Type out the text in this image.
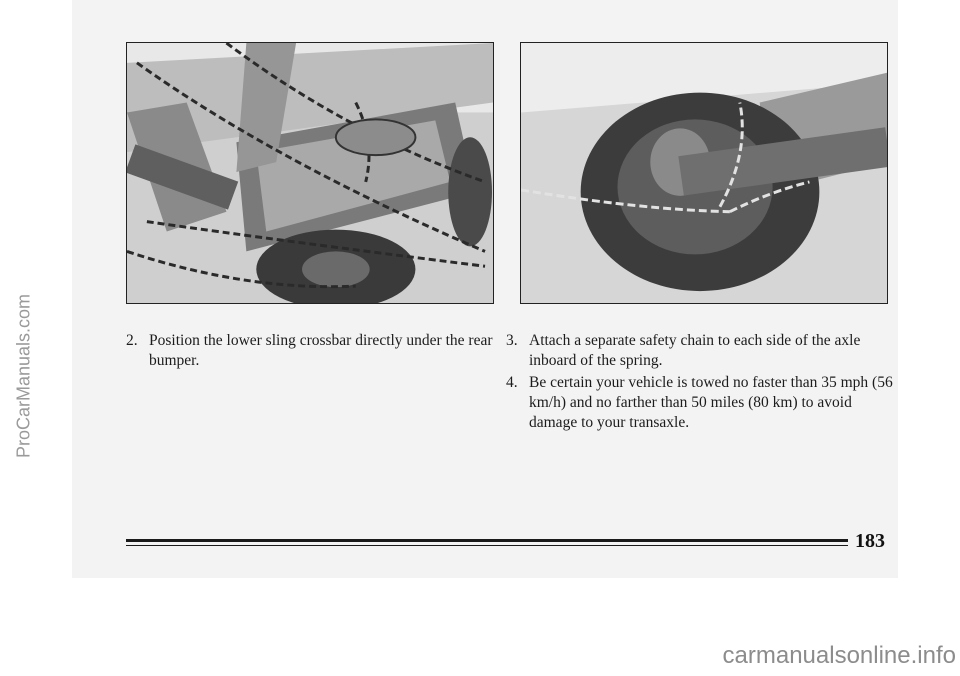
2. Position the lower sling crossbar directly under the rear bumper.

3. Attach a separate safety chain to each side of the axle inboard of the spring.

4. Be certain your vehicle is towed no faster than 35 mph (56 km/h) and no farther than 50 miles (80 km) to avoid damage to your transaxle.

183
ProCarManuals.com
carmanualsonline.info
